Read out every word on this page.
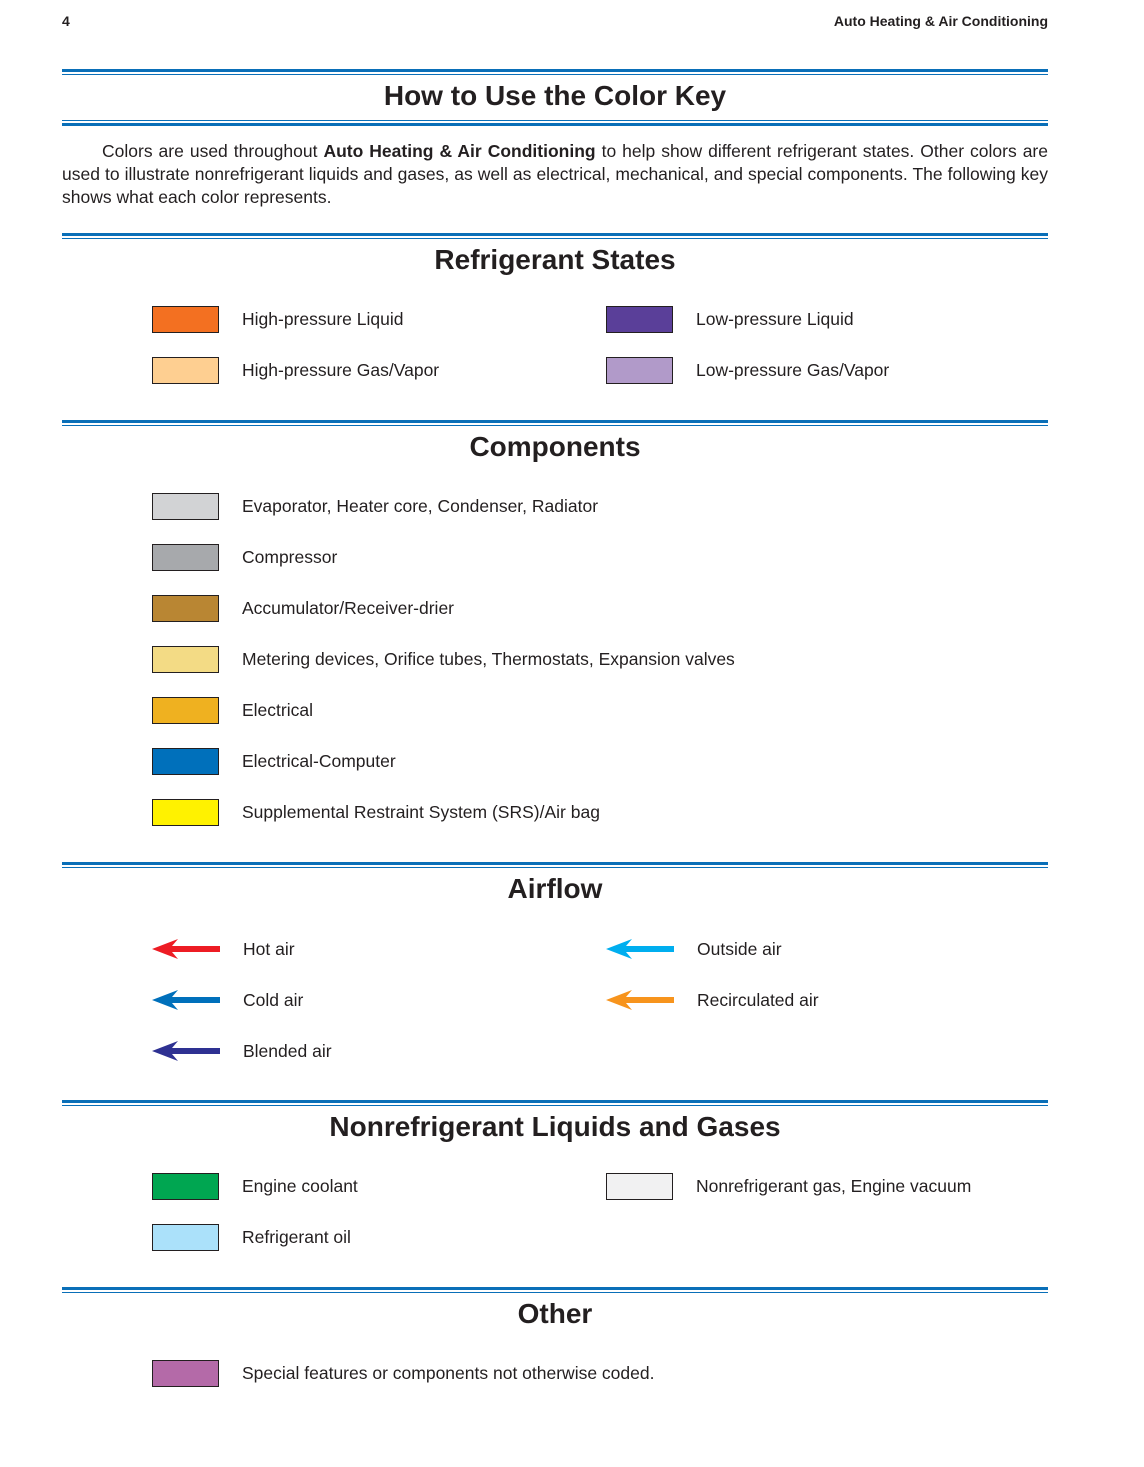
4	Auto Heating & Air Conditioning
How to Use the Color Key

Colors are used throughout Auto Heating & Air Conditioning to help show different refrigerant states. Other colors are used to illustrate nonrefrigerant liquids and gases, as well as electrical, mechanical, and special components. The following key shows what each color represents.

Refrigerant States
High-pressure Liquid
High-pressure Gas/Vapor
Low-pressure Liquid
Low-pressure Gas/Vapor
Components
Evaporator, Heater core, Condenser, Radiator
Compressor
Accumulator/Receiver-drier
Metering devices, Orifice tubes, Thermostats, Expansion valves
Electrical
Electrical-Computer
Supplemental Restraint System (SRS)/Air bag
Airflow
Hot air
Cold air
Blended air
Outside air
Recirculated air
Nonrefrigerant Liquids and Gases
Engine coolant
Refrigerant oil
Nonrefrigerant gas, Engine vacuum
Other
Special features or components not otherwise coded.
